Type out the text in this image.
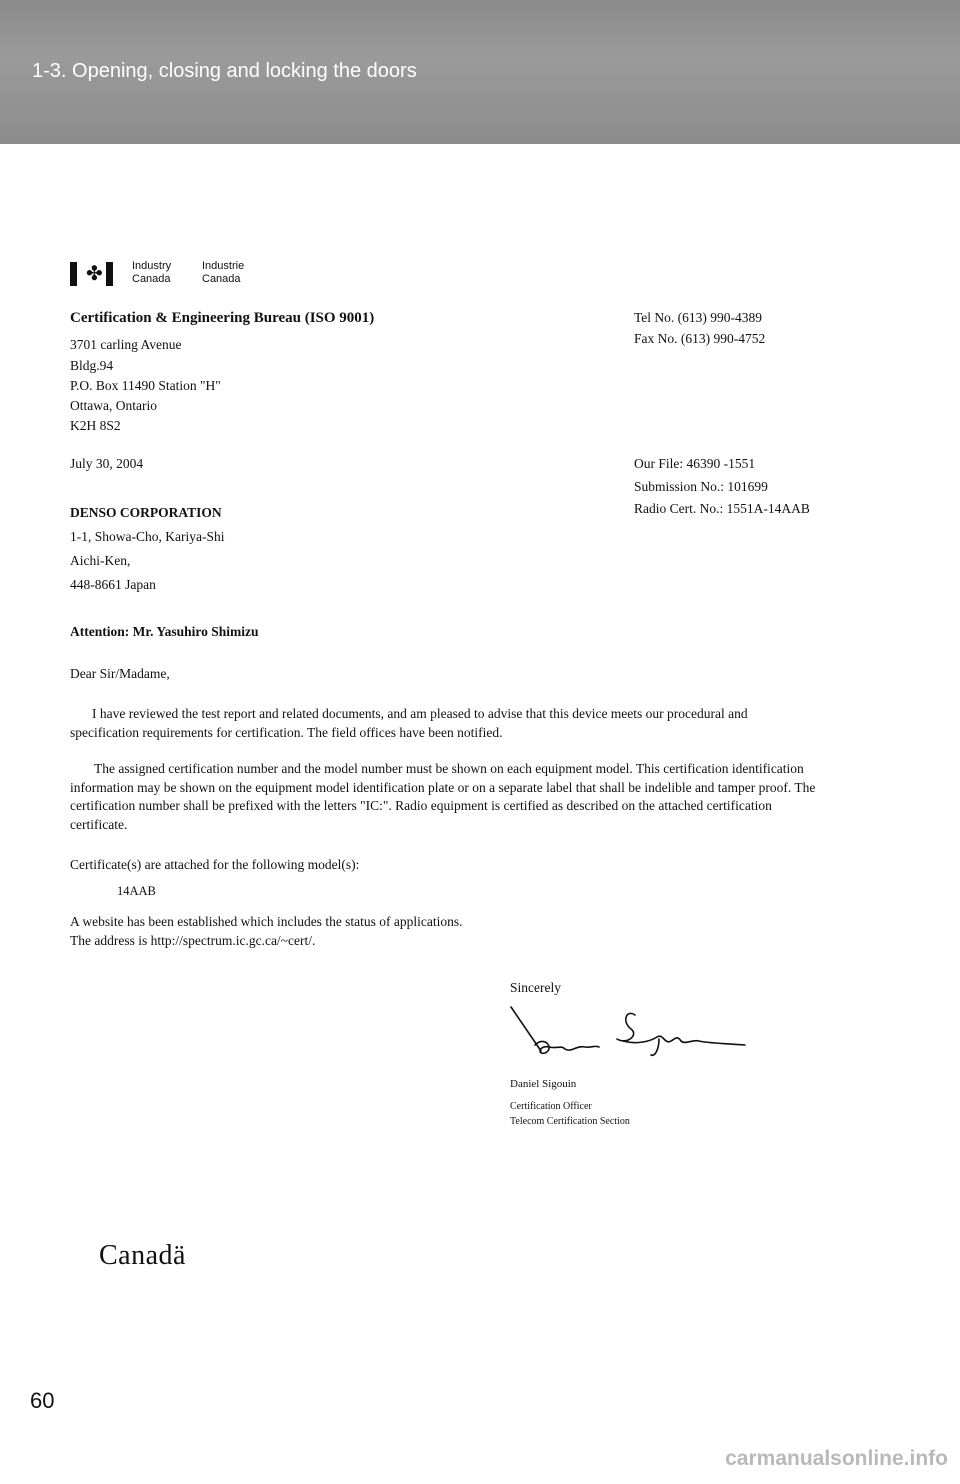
1-3. Opening, closing and locking the doors
✤	Industry
Canada
Industrie
Canada
Certification & Engineering Bureau (ISO 9001)
3701 carling Avenue
Bldg.94
P.O. Box 11490 Station "H"
Ottawa, Ontario
K2H 8S2
Tel No. (613) 990-4389
Fax No. (613) 990-4752
July 30, 2004	Our File: 46390 -1551
Submission No.: 101699
Radio Cert. No.: 1551A-14AAB
DENSO CORPORATION
1-1, Showa-Cho, Kariya-Shi
Aichi-Ken,
448-8661 Japan
Attention: Mr. Yasuhiro Shimizu
Dear Sir/Madame,
I have reviewed the test report and related documents, and am pleased to advise that this device meets our procedural and specification requirements for certification. The field offices have been notified.
The assigned certification number and the model number must be shown on each equipment model. This certification identification information may be shown on the equipment model identification plate or on a separate label that shall be indelible and tamper proof. The certification number shall be prefixed with the letters "IC:". Radio equipment is certified as described on the attached certification certificate.
Certificate(s) are attached for the following model(s):
14AAB
A website has been established which includes the status of applications.
The address is http://spectrum.ic.gc.ca/~cert/.
Sincerely
Daniel Sigouin
Certification Officer
Telecom Certification Section
Canadä
60
carmanualsonline.info
